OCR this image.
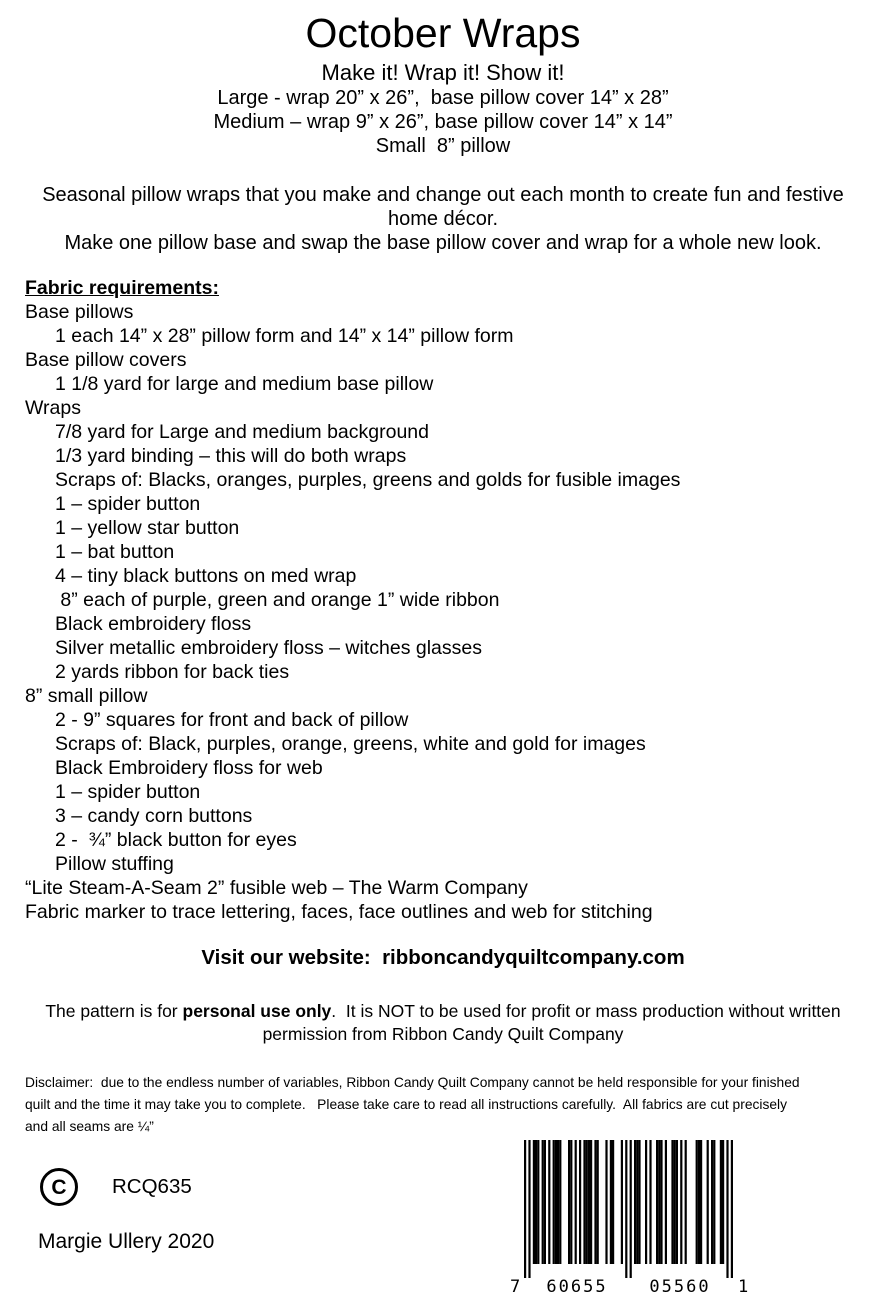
October Wraps
Make it! Wrap it! Show it!
Large - wrap 20” x 26”,  base pillow cover 14” x 28”
Medium – wrap 9” x 26”, base pillow cover 14” x 14”
Small  8” pillow

Seasonal pillow wraps that you make and change out each month to create fun and festive home décor.

Make one pillow base and swap the base pillow cover and wrap for a whole new look.

Fabric requirements:
Base pillows
1 each 14” x 28” pillow form and 14” x 14” pillow form
Base pillow covers
1 1/8 yard for large and medium base pillow
Wraps
7/8 yard for Large and medium background
1/3 yard binding – this will do both wraps
Scraps of: Blacks, oranges, purples, greens and golds for fusible images
1 – spider button
1 – yellow star button
1 – bat button
4 – tiny black buttons on med wrap
8” each of purple, green and orange 1” wide ribbon
Black embroidery floss
Silver metallic embroidery floss – witches glasses
2 yards ribbon for back ties
8” small pillow
2 - 9” squares for front and back of pillow
Scraps of: Black, purples, orange, greens, white and gold for images
Black Embroidery floss for web
1 – spider button
3 – candy corn buttons
2 -  ¾” black button for eyes
Pillow stuffing
“Lite Steam-A-Seam 2” fusible web – The Warm Company
Fabric marker to trace lettering, faces, face outlines and web for stitching
Visit our website:  ribboncandyquiltcompany.com

The pattern is for personal use only.  It is NOT to be used for profit or mass production without written permission from Ribbon Candy Quilt Company

Disclaimer:  due to the endless number of variables, Ribbon Candy Quilt Company cannot be held responsible for your finished quilt and the time it may take you to complete.   Please take care to read all instructions carefully.  All fabrics are cut precisely and all seams are ¼”
C	RCQ635
Margie Ullery 2020
7 60655 05560 1
